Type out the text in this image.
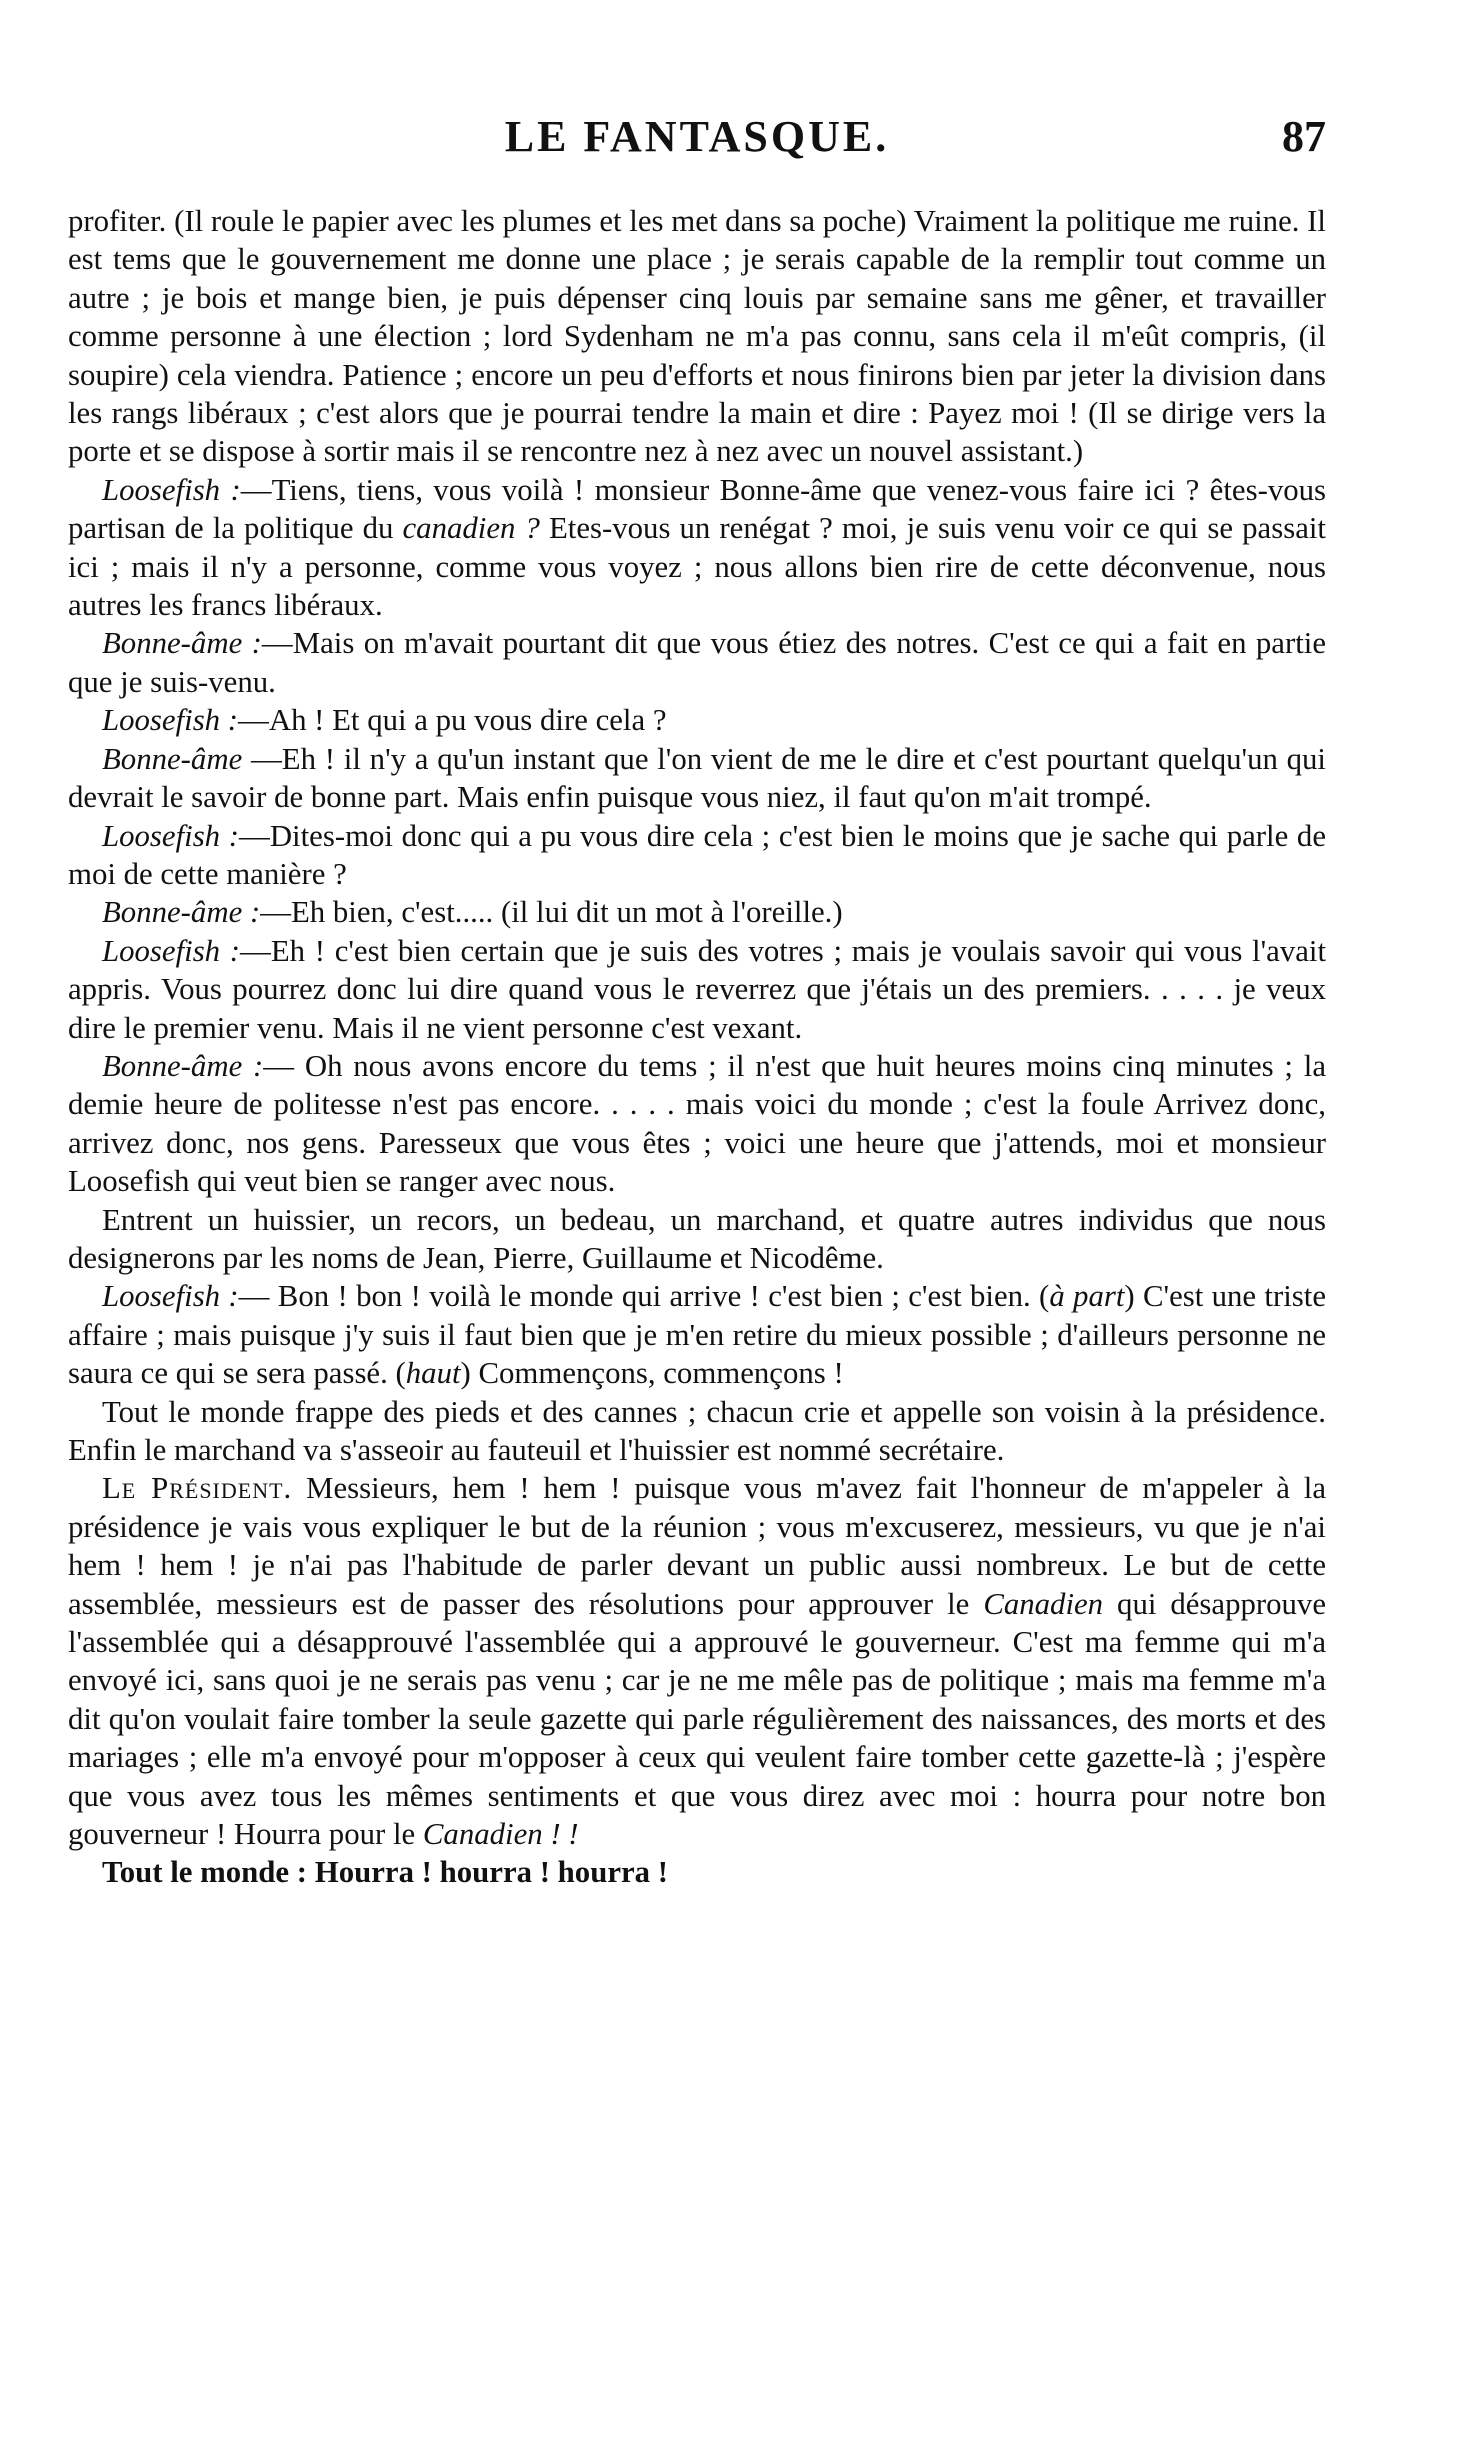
LE FANTASQUE.	87

profiter. (Il roule le papier avec les plumes et les met dans sa poche) Vraiment la politique me ruine. Il est tems que le gouvernement me donne une place ; je serais capable de la remplir tout comme un autre ; je bois et mange bien, je puis dépenser cinq louis par semaine sans me gêner, et travailler comme personne à une élection ; lord Sydenham ne m'a pas connu, sans cela il m'eût compris, (il soupire) cela viendra. Patience ; encore un peu d'efforts et nous finirons bien par jeter la division dans les rangs libéraux ; c'est alors que je pourrai tendre la main et dire : Payez moi ! (Il se dirige vers la porte et se dispose à sortir mais il se rencontre nez à nez avec un nouvel assistant.)

Loosefish :—Tiens, tiens, vous voilà ! monsieur Bonne-âme que venez-vous faire ici ? êtes-vous partisan de la politique du canadien ? Etes-vous un renégat ? moi, je suis venu voir ce qui se passait ici ; mais il n'y a personne, comme vous voyez ; nous allons bien rire de cette déconvenue, nous autres les francs libéraux.

Bonne-âme :—Mais on m'avait pourtant dit que vous étiez des notres. C'est ce qui a fait en partie que je suis-venu.

Loosefish :—Ah ! Et qui a pu vous dire cela ?

Bonne-âme —Eh ! il n'y a qu'un instant que l'on vient de me le dire et c'est pourtant quelqu'un qui devrait le savoir de bonne part. Mais enfin puisque vous niez, il faut qu'on m'ait trompé.

Loosefish :—Dites-moi donc qui a pu vous dire cela ; c'est bien le moins que je sache qui parle de moi de cette manière ?

Bonne-âme :—Eh bien, c'est..... (il lui dit un mot à l'oreille.)

Loosefish :—Eh ! c'est bien certain que je suis des votres ; mais je voulais savoir qui vous l'avait appris. Vous pourrez donc lui dire quand vous le reverrez que j'étais un des premiers. . . . . je veux dire le premier venu. Mais il ne vient personne c'est vexant.

Bonne-âme :— Oh nous avons encore du tems ; il n'est que huit heures moins cinq minutes ; la demie heure de politesse n'est pas encore. . . . . mais voici du monde ; c'est la foule Arrivez donc, arrivez donc, nos gens. Paresseux que vous êtes ; voici une heure que j'attends, moi et monsieur Loosefish qui veut bien se ranger avec nous.

Entrent un huissier, un recors, un bedeau, un marchand, et quatre autres individus que nous designerons par les noms de Jean, Pierre, Guillaume et Nicodême.

Loosefish :— Bon ! bon ! voilà le monde qui arrive ! c'est bien ; c'est bien. (à part) C'est une triste affaire ; mais puisque j'y suis il faut bien que je m'en retire du mieux possible ; d'ailleurs personne ne saura ce qui se sera passé. (haut) Commençons, commençons !

Tout le monde frappe des pieds et des cannes ; chacun crie et appelle son voisin à la présidence. Enfin le marchand va s'asseoir au fauteuil et l'huissier est nommé secrétaire.

Le Président. Messieurs, hem ! hem ! puisque vous m'avez fait l'honneur de m'appeler à la présidence je vais vous expliquer le but de la réunion ; vous m'excuserez, messieurs, vu que je n'ai hem ! hem ! je n'ai pas l'habitude de parler devant un public aussi nombreux. Le but de cette assemblée, messieurs est de passer des résolutions pour approuver le Canadien qui désapprouve l'assemblée qui a désapprouvé l'assemblée qui a approuvé le gouverneur. C'est ma femme qui m'a envoyé ici, sans quoi je ne serais pas venu ; car je ne me mêle pas de politique ; mais ma femme m'a dit qu'on voulait faire tomber la seule gazette qui parle régulièrement des naissances, des morts et des mariages ; elle m'a envoyé pour m'opposer à ceux qui veulent faire tomber cette gazette-là ; j'espère que vous avez tous les mêmes sentiments et que vous direz avec moi : hourra pour notre bon gouverneur ! Hourra pour le Canadien ! !

Tout le monde : Hourra ! hourra ! hourra !
